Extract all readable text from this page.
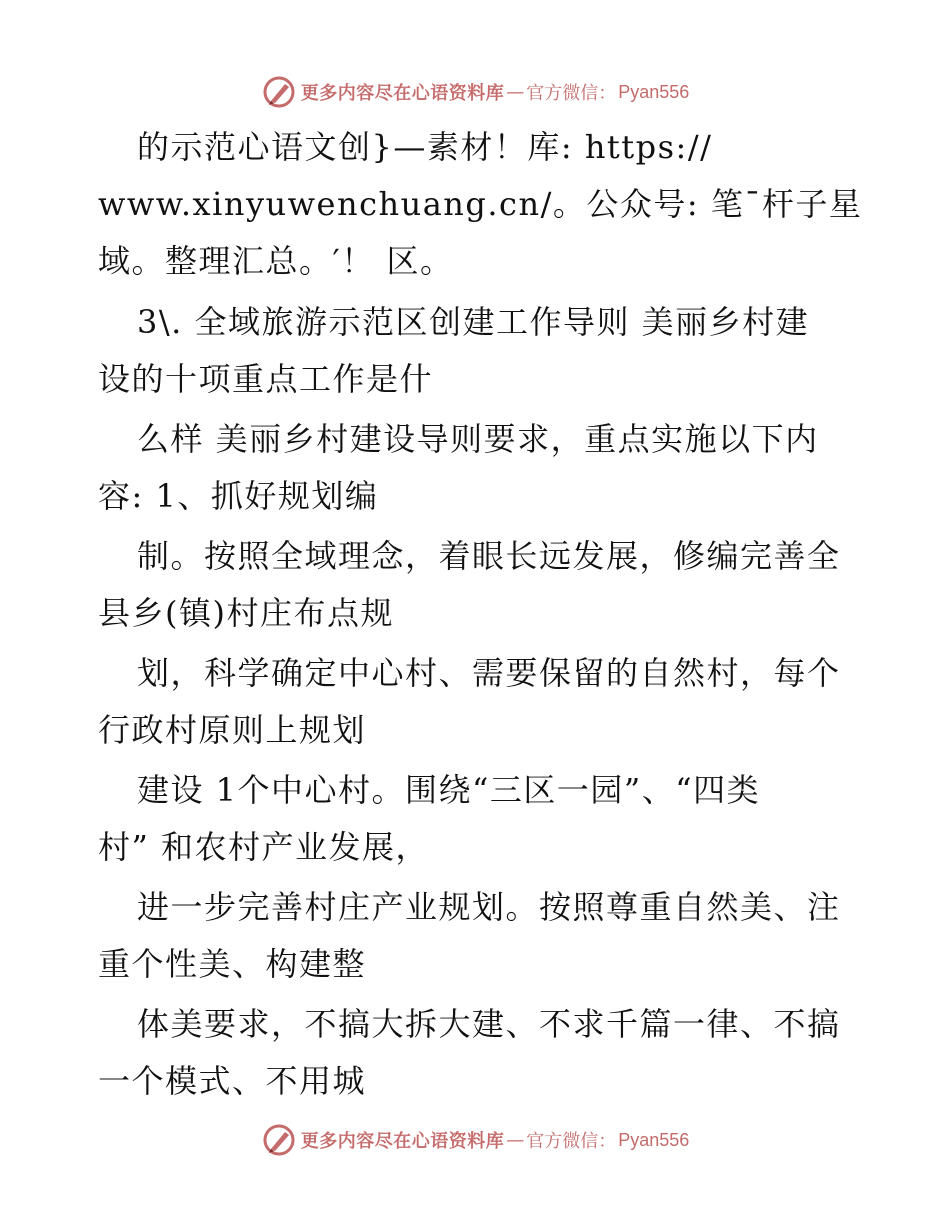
更多内容尽在心语资料库 — 官方微信： Pyan556
的示范心语文创}—素材！库: https://
www.xinyuwenchuang.cn/。公众号: 笔¯杆子星
域。整理汇总。′！ 区。
3\. 全域旅游示范区创建工作导则 美丽乡村建
设的十项重点工作是什
么样 美丽乡村建设导则要求，重点实施以下内
容: 1、抓好规划编
制。按照全域理念，着眼长远发展，修编完善全
县乡(镇)村庄布点规
划，科学确定中心村、需要保留的自然村，每个
行政村原则上规划
建设 1个中心村。围绕“三区一园”、“四类
村” 和农村产业发展，
进一步完善村庄产业规划。按照尊重自然美、注
重个性美、构建整
体美要求，不搞大拆大建、不求千篇一律、不搞
一个模式、不用城
更多内容尽在心语资料库 — 官方微信： Pyan556
